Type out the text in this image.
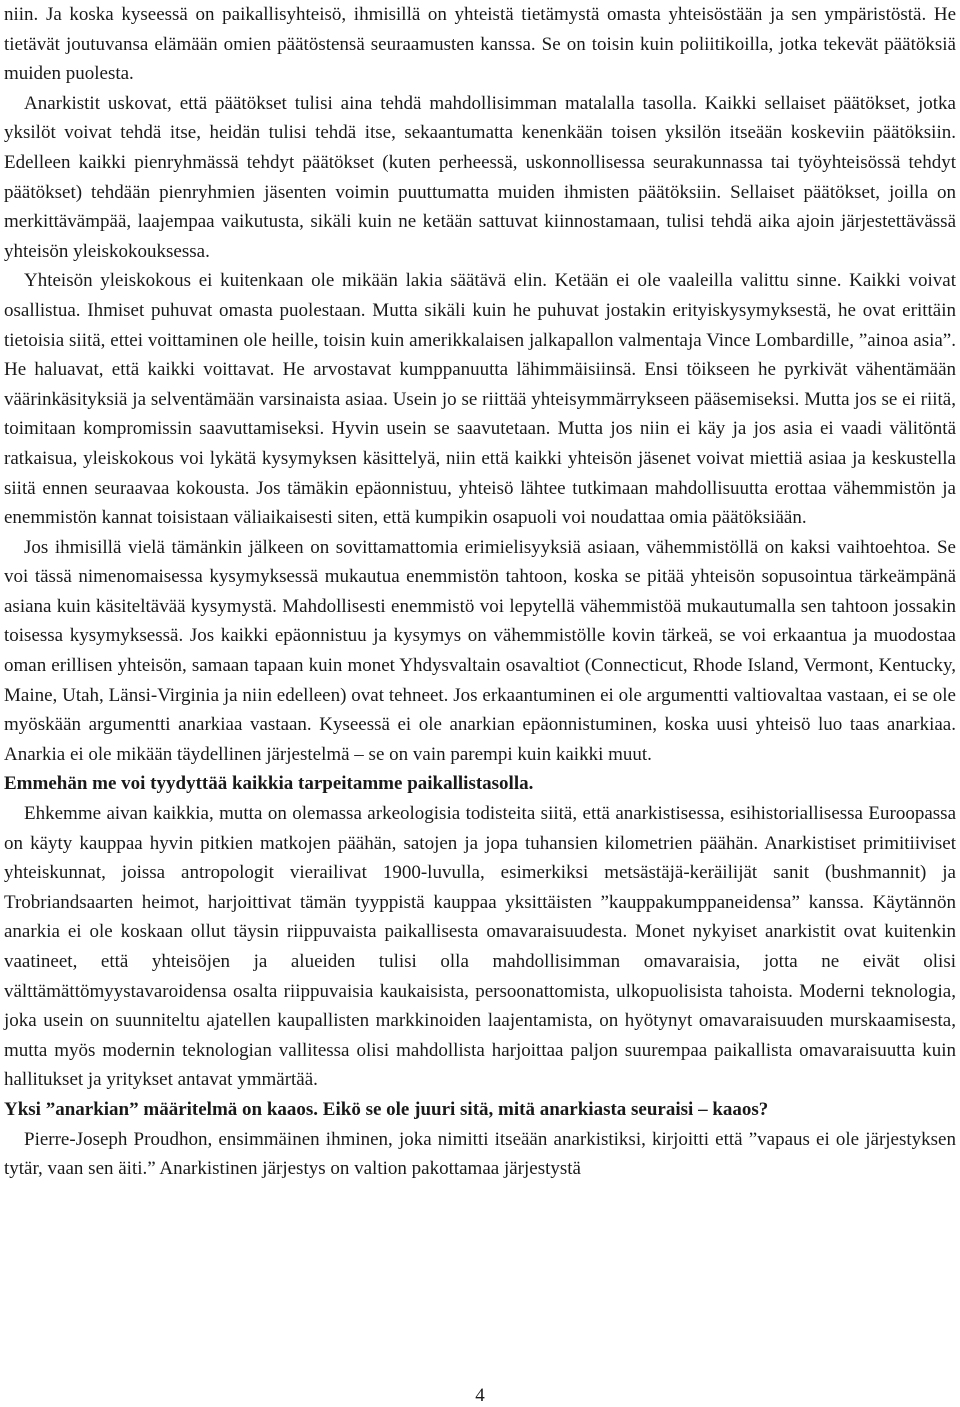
niin. Ja koska kyseessä on paikallisyhteisö, ihmisillä on yhteistä tietämystä omasta yhteisöstään ja sen ympäristöstä. He tietävät joutuvansa elämään omien päätöstensä seuraamusten kanssa. Se on toisin kuin poliitikoilla, jotka tekevät päätöksiä muiden puolesta.

Anarkistit uskovat, että päätökset tulisi aina tehdä mahdollisimman matalalla tasolla. Kaikki sellaiset päätökset, jotka yksilöt voivat tehdä itse, heidän tulisi tehdä itse, sekaantumatta kenenkään toisen yksilön itseään koskeviin päätöksiin. Edelleen kaikki pienryhmässä tehdyt päätökset (kuten perheessä, uskonnollisessa seurakunnassa tai työyhteisössä tehdyt päätökset) tehdään pienryhmien jäsenten voimin puuttumatta muiden ihmisten päätöksiin. Sellaiset päätökset, joilla on merkittävämpää, laajempaa vaikutusta, sikäli kuin ne ketään sattuvat kiinnostamaan, tulisi tehdä aika ajoin järjestettävässä yhteisön yleiskokouksessa.

Yhteisön yleiskokous ei kuitenkaan ole mikään lakia säätävä elin. Ketään ei ole vaaleilla valittu sinne. Kaikki voivat osallistua. Ihmiset puhuvat omasta puolestaan. Mutta sikäli kuin he puhuvat jostakin erityiskysymyksestä, he ovat erittäin tietoisia siitä, ettei voittaminen ole heille, toisin kuin amerikkalaisen jalkapallon valmentaja Vince Lombardille, ”ainoa asia”. He haluavat, että kaikki voittavat. He arvostavat kumppanuutta lähimmäisiinsä. Ensi töikseen he pyrkivät vähentämään väärinkäsityksiä ja selventämään varsinaista asiaa. Usein jo se riittää yhteisymmärrykseen pääsemiseksi. Mutta jos se ei riitä, toimitaan kompromissin saavuttamiseksi. Hyvin usein se saavutetaan. Mutta jos niin ei käy ja jos asia ei vaadi välitöntä ratkaisua, yleiskokous voi lykätä kysymyksen käsittelyä, niin että kaikki yhteisön jäsenet voivat miettiä asiaa ja keskustella siitä ennen seuraavaa kokousta. Jos tämäkin epäonnistuu, yhteisö lähtee tutkimaan mahdollisuutta erottaa vähemmistön ja enemmistön kannat toisistaan väliaikaisesti siten, että kumpikin osapuoli voi noudattaa omia päätöksiään.

Jos ihmisillä vielä tämänkin jälkeen on sovittamattomia erimielisyyksiä asiaan, vähemmistöllä on kaksi vaihtoehtoa. Se voi tässä nimenomaisessa kysymyksessä mukautua enemmistön tahtoon, koska se pitää yhteisön sopusointua tärkeämpänä asiana kuin käsiteltävää kysymystä. Mahdollisesti enemmistö voi lepytellä vähemmistöä mukautumalla sen tahtoon jossakin toisessa kysymyksessä. Jos kaikki epäonnistuu ja kysymys on vähemmistölle kovin tärkeä, se voi erkaantua ja muodostaa oman erillisen yhteisön, samaan tapaan kuin monet Yhdysvaltain osavaltiot (Connecticut, Rhode Island, Vermont, Kentucky, Maine, Utah, Länsi-Virginia ja niin edelleen) ovat tehneet. Jos erkaantuminen ei ole argumentti valtiovaltaa vastaan, ei se ole myöskään argumentti anarkiaa vastaan. Kyseessä ei ole anarkian epäonnistuminen, koska uusi yhteisö luo taas anarkiaa. Anarkia ei ole mikään täydellinen järjestelmä – se on vain parempi kuin kaikki muut.

Emmehän me voi tyydyttää kaikkia tarpeitamme paikallistasolla.

Ehkemme aivan kaikkia, mutta on olemassa arkeologisia todisteita siitä, että anarkistisessa, esihistoriallisessa Euroopassa on käyty kauppaa hyvin pitkien matkojen päähän, satojen ja jopa tuhansien kilometrien päähän. Anarkistiset primitiiviset yhteiskunnat, joissa antropologit vierailivat 1900-luvulla, esimerkiksi metsästäjä-keräilijät sanit (bushmannit) ja Trobriandsaarten heimot, harjoittivat tämän tyyppistä kauppaa yksittäisten ”kauppakumppaneidensa” kanssa. Käytännön anarkia ei ole koskaan ollut täysin riippuvaista paikallisesta omavaraisuudesta. Monet nykyiset anarkistit ovat kuitenkin vaatineet, että yhteisöjen ja alueiden tulisi olla mahdollisimman omavaraisia, jotta ne eivät olisi välttämättömyystavaroidensa osalta riippuvaisia kaukaisista, persoonattomista, ulkopuolisista tahoista. Moderni teknologia, joka usein on suunniteltu ajatellen kaupallisten markkinoiden laajentamista, on hyötynyt omavaraisuuden murskaamisesta, mutta myös modernin teknologian vallitessa olisi mahdollista harjoittaa paljon suurempaa paikallista omavaraisuutta kuin hallitukset ja yritykset antavat ymmärtää.

Yksi ”anarkian” määritelmä on kaaos. Eikö se ole juuri sitä, mitä anarkiasta seuraisi – kaaos?

Pierre-Joseph Proudhon, ensimmäinen ihminen, joka nimitti itseään anarkistiksi, kirjoitti että ”vapaus ei ole järjestyksen tytär, vaan sen äiti.” Anarkistinen järjestys on valtion pakottamaa järjestystä

4
